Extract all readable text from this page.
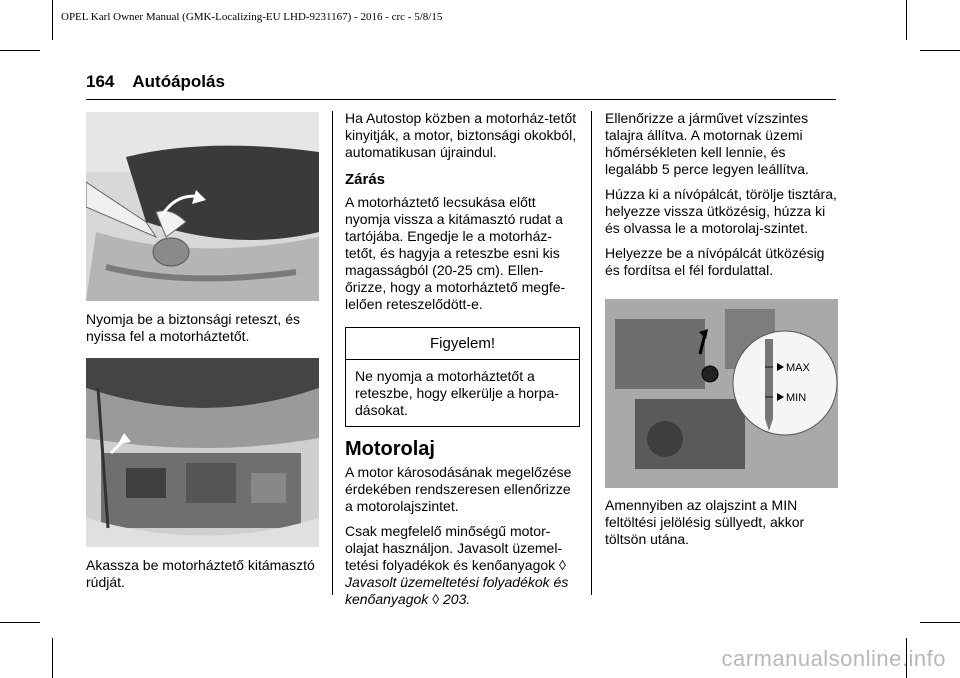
OPEL Karl Owner Manual (GMK-Localizing-EU LHD-9231167) - 2016 - crc - 5/8/15
164 Autóápolás

Nyomja be a biztonsági reteszt, és nyissa fel a motorháztetőt.

Akassza be motorháztető kitámasztó rúdját.

Ha Autostop közben a motorház-tetőt kinyitják, a motor, biztonsági okokból, automatikusan újraindul.

Zárás

A motorháztető lecsukása előtt nyomja vissza a kitámasztó rudat a tartójába. Engedje le a motorház-tetőt, és hagyja a reteszbe esni kis magasságból (20-25 cm). Ellen-őrizze, hogy a motorháztető megfe-lelően reteszelődött-e.

Figyelem!
Ne nyomja a motorháztetőt a reteszbe, hogy elkerülje a horpa-dásokat.
Motorolaj

A motor károsodásának megelőzése érdekében rendszeresen ellenőrizze a motorolajszintet.

Csak megfelelő minőségű motor-olajat használjon. Javasolt üzemel-tetési folyadékok és kenőanyagok ◊ Javasolt üzemeltetési folyadékok és kenőanyagok ◊ 203.

Ellenőrizze a járművet vízszintes talajra állítva. A motornak üzemi hőmérsékleten kell lennie, és legalább 5 perce legyen leállítva.

Húzza ki a nívópálcát, törölje tisztára, helyezze vissza ütközésig, húzza ki és olvassa le a motorolaj-szintet.

Helyezze be a nívópálcát ütközésig és fordítsa el fél fordulattal.

MAX
MIN

Amennyiben az olajszint a MIN feltöltési jelölésig süllyedt, akkor töltsön utána.

carmanualsonline.info
